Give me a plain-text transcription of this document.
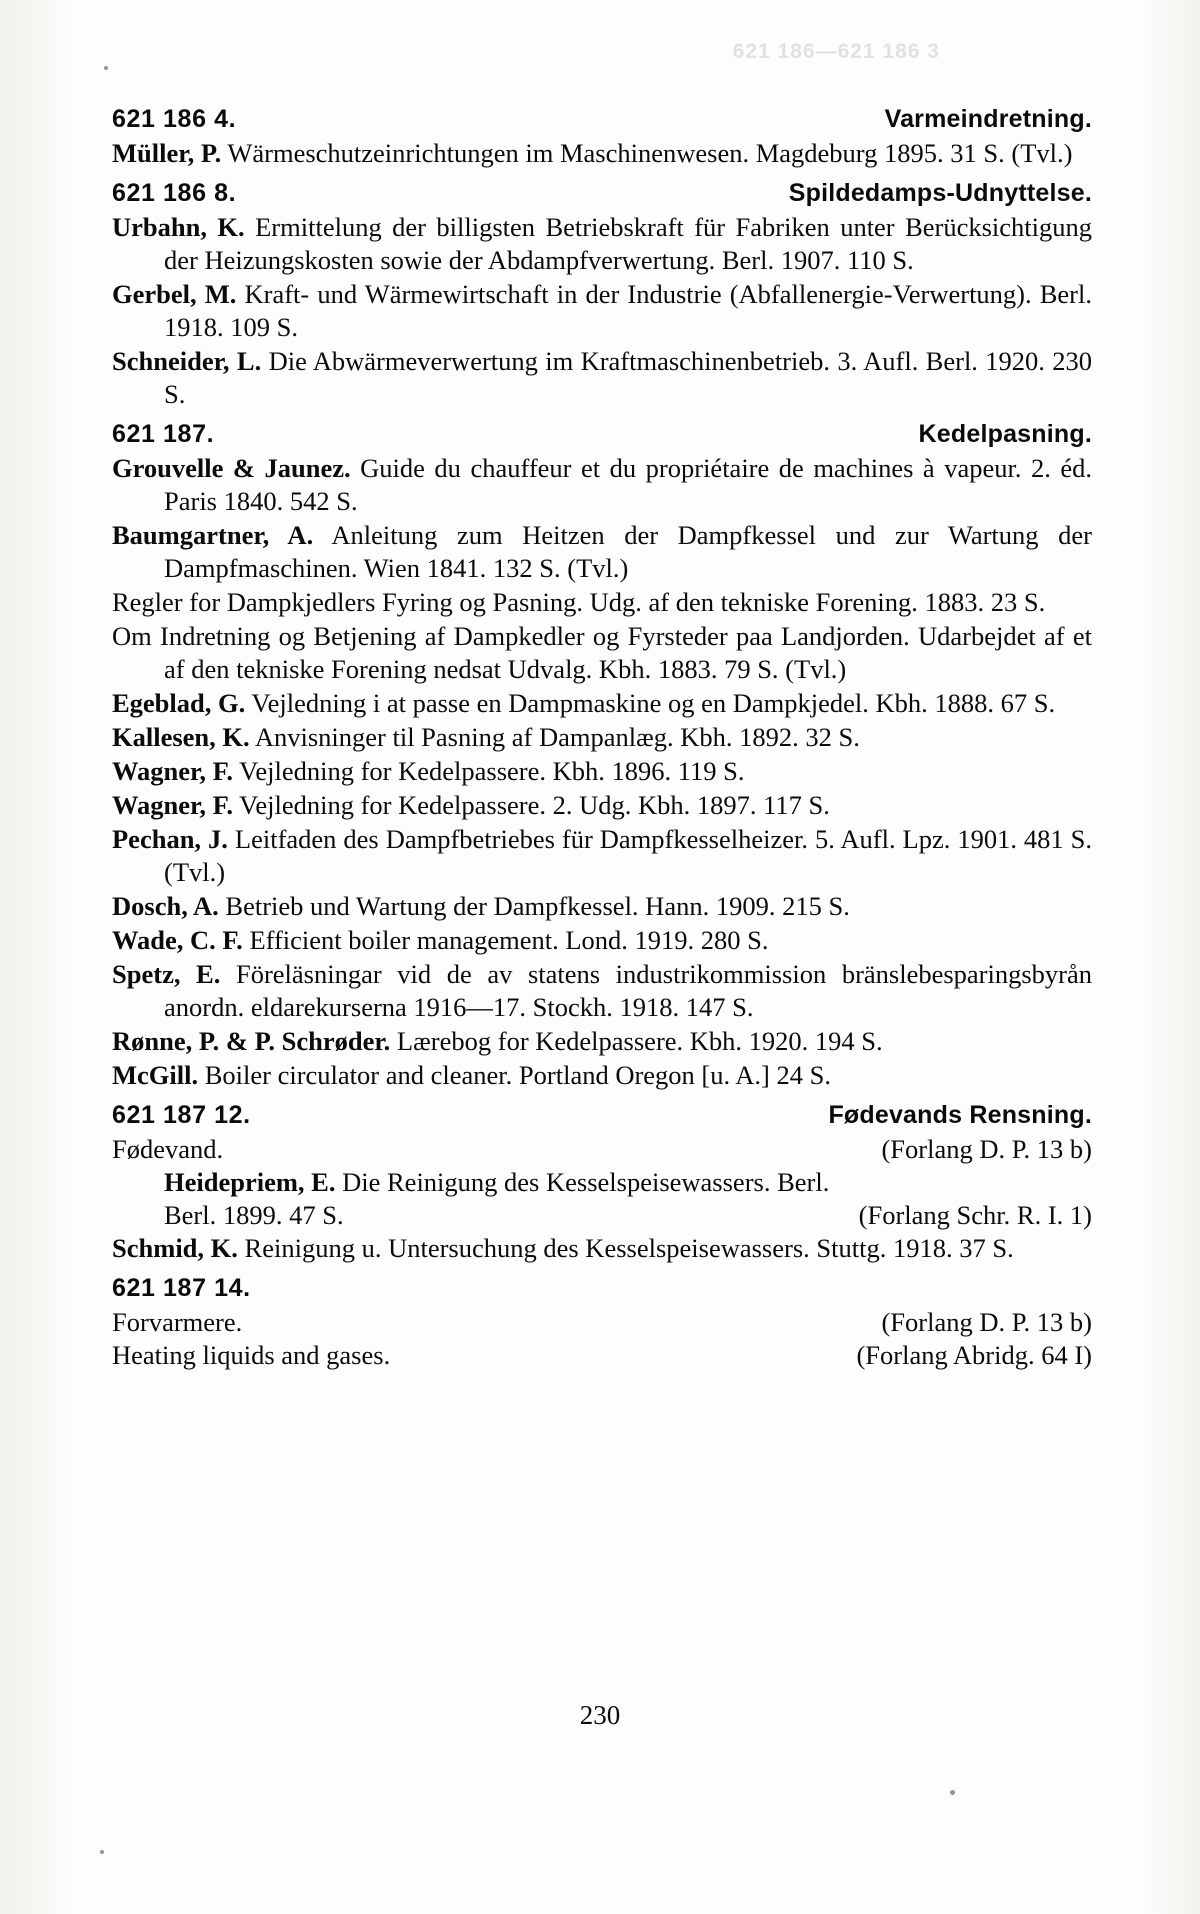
621 186—621 186 3
621 186 4.	Varmeindretning.

Müller, P. Wärmeschutzeinrichtungen im Maschinenwesen. Magdeburg 1895. 31 S. (Tvl.)

621 186 8.	Spildedamps-Udnyttelse.

Urbahn, K. Ermittelung der billigsten Betriebskraft für Fabriken unter Berücksichtigung der Heizungskosten sowie der Abdampfverwertung. Berl. 1907. 110 S.

Gerbel, M. Kraft- und Wärmewirtschaft in der Industrie (Abfallenergie-Verwertung). Berl. 1918. 109 S.

Schneider, L. Die Abwärmeverwertung im Kraftmaschinenbetrieb. 3. Aufl. Berl. 1920. 230 S.

621 187.	Kedelpasning.

Grouvelle & Jaunez. Guide du chauffeur et du propriétaire de machines à vapeur. 2. éd. Paris 1840. 542 S.

Baumgartner, A. Anleitung zum Heitzen der Dampfkessel und zur Wartung der Dampfmaschinen. Wien 1841. 132 S. (Tvl.)

Regler for Dampkjedlers Fyring og Pasning. Udg. af den tekniske Forening. 1883. 23 S.

Om Indretning og Betjening af Dampkedler og Fyrsteder paa Landjorden. Udarbejdet af et af den tekniske Forening nedsat Udvalg. Kbh. 1883. 79 S. (Tvl.)

Egeblad, G. Vejledning i at passe en Dampmaskine og en Dampkjedel. Kbh. 1888. 67 S.

Kallesen, K. Anvisninger til Pasning af Dampanlæg. Kbh. 1892. 32 S.

Wagner, F. Vejledning for Kedelpassere. Kbh. 1896. 119 S.

Wagner, F. Vejledning for Kedelpassere. 2. Udg. Kbh. 1897. 117 S.

Pechan, J. Leitfaden des Dampfbetriebes für Dampfkesselheizer. 5. Aufl. Lpz. 1901. 481 S. (Tvl.)

Dosch, A. Betrieb und Wartung der Dampfkessel. Hann. 1909. 215 S.

Wade, C. F. Efficient boiler management. Lond. 1919. 280 S.

Spetz, E. Föreläsningar vid de av statens industrikommission bränslebesparingsbyrån anordn. eldarekurserna 1916—17. Stockh. 1918. 147 S.

Rønne, P. & P. Schrøder. Lærebog for Kedelpassere. Kbh. 1920. 194 S.

McGill. Boiler circulator and cleaner. Portland Oregon [u. A.] 24 S.

621 187 12.	Fødevands Rensning.
Fødevand.	(Forlang D. P. 13 b)
Heidepriem, E. Die Reinigung des Kesselspeisewassers. Berl.
Berl. 1899. 47 S.	(Forlang Schr. R. I. 1)

Schmid, K. Reinigung u. Untersuchung des Kesselspeisewassers. Stuttg. 1918. 37 S.

621 187 14.
Forvarmere.	(Forlang D. P. 13 b)
Heating liquids and gases.	(Forlang Abridg. 64 I)
230
